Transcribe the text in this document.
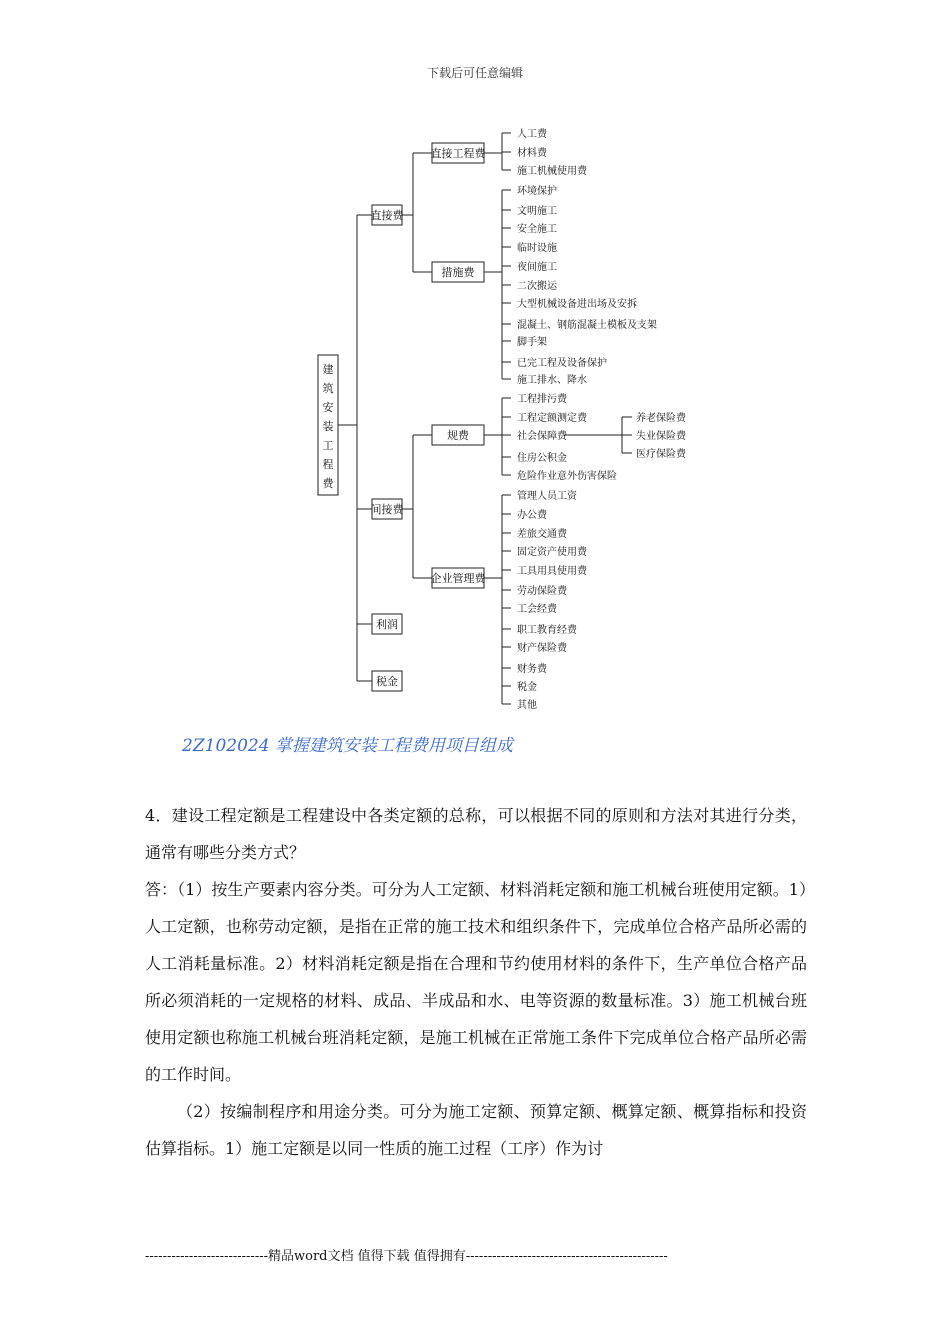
下载后可任意编辑
建
筑
安
装
工
程
费
直接费
间接费
利润
税金
直接工程费
措施费
人工费
材料费
施工机械使用费
环境保护
文明施工
安全施工
临时设施
夜间施工
二次搬运
大型机械设备进出场及安拆
混凝土、钢筋混凝土模板及支架
脚手架
已完工程及设备保护
施工排水、降水
规费
企业管理费
工程排污费
工程定额测定费
社会保障费
住房公积金
危险作业意外伤害保险
养老保险费
失业保险费
医疗保险费
管理人员工资
办公费
差旅交通费
固定资产使用费
工具用具使用费
劳动保险费
工会经费
职工教育经费
财产保险费
财务费
税金
其他
2Z102024 掌握建筑安装工程费用项目组成

4．建设工程定额是工程建设中各类定额的总称，可以根据不同的原则和方法对其进行分类，通常有哪些分类方式？

答：（1）按生产要素内容分类。可分为人工定额、材料消耗定额和施工机械台班使用定额。1）人工定额，也称劳动定额，是指在正常的施工技术和组织条件下，完成单位合格产品所必需的人工消耗量标准。2）材料消耗定额是指在合理和节约使用材料的条件下，生产单位合格产品所必须消耗的一定规格的材料、成品、半成品和水、电等资源的数量标准。3）施工机械台班使用定额也称施工机械台班消耗定额，是施工机械在正常施工条件下完成单位合格产品所必需的工作时间。

（2）按编制程序和用途分类。可分为施工定额、预算定额、概算定额、概算指标和投资估算指标。1）施工定额是以同一性质的施工过程（工序）作为讨

----------------------------精品word文档 值得下载 值得拥有----------------------------------------------
